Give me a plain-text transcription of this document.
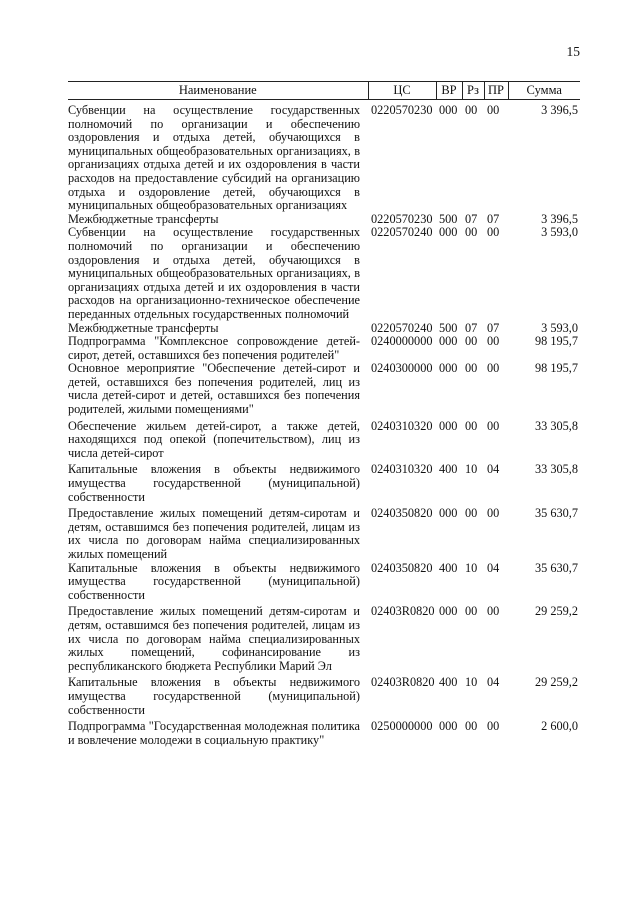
15
Наименование	ЦС	ВР	Рз	ПР	Сумма
Субвенции на осуществление государственных полномочий по организации и обеспечению оздоровления и отдыха детей, обучающихся в муниципальных общеобразовательных организациях, в организациях отдыха детей и их оздоровления в части расходов на предоставление субсидий на организацию отдыха и оздоровление детей, обучающихся в муниципальных общеобразовательных организациях	0220570230	000	00	00	3 396,5
Межбюджетные трансферты	0220570230	500	07	07	3 396,5
Субвенции на осуществление государственных полномочий по организации и обеспечению оздоровления и отдыха детей, обучающихся в муниципальных общеобразовательных организациях, в организациях отдыха детей и их оздоровления в части расходов на организационно-техническое обеспечение переданных отдельных государственных полномочий	0220570240	000	00	00	3 593,0
Межбюджетные трансферты	0220570240	500	07	07	3 593,0
Подпрограмма "Комплексное сопровождение детей-сирот, детей, оставшихся без попечения родителей"	0240000000	000	00	00	98 195,7
Основное мероприятие "Обеспечение детей-сирот и детей, оставшихся без попечения родителей, лиц из числа детей-сирот и детей, оставшихся без попечения родителей, жилыми помещениями"	0240300000	000	00	00	98 195,7
Обеспечение жильем детей-сирот, а также детей, находящихся под опекой (попечительством), лиц из числа детей-сирот	0240310320	000	00	00	33 305,8
Капитальные вложения в объекты недвижимого имущества государственной (муниципальной) собственности	0240310320	400	10	04	33 305,8
Предоставление жилых помещений детям-сиротам и детям, оставшимся без попечения родителей, лицам из их числа по договорам найма специализированных жилых помещений	0240350820	000	00	00	35 630,7
Капитальные вложения в объекты недвижимого имущества государственной (муниципальной) собственности	0240350820	400	10	04	35 630,7
Предоставление жилых помещений детям-сиротам и детям, оставшимся без попечения родителей, лицам из их числа по договорам найма специализированных жилых помещений, софинансирование из республиканского бюджета Республики Марий Эл	02403R0820	000	00	00	29 259,2
Капитальные вложения в объекты недвижимого имущества государственной (муниципальной) собственности	02403R0820	400	10	04	29 259,2
Подпрограмма "Государственная молодежная политика и вовлечение молодежи в социальную практику"	0250000000	000	00	00	2 600,0
